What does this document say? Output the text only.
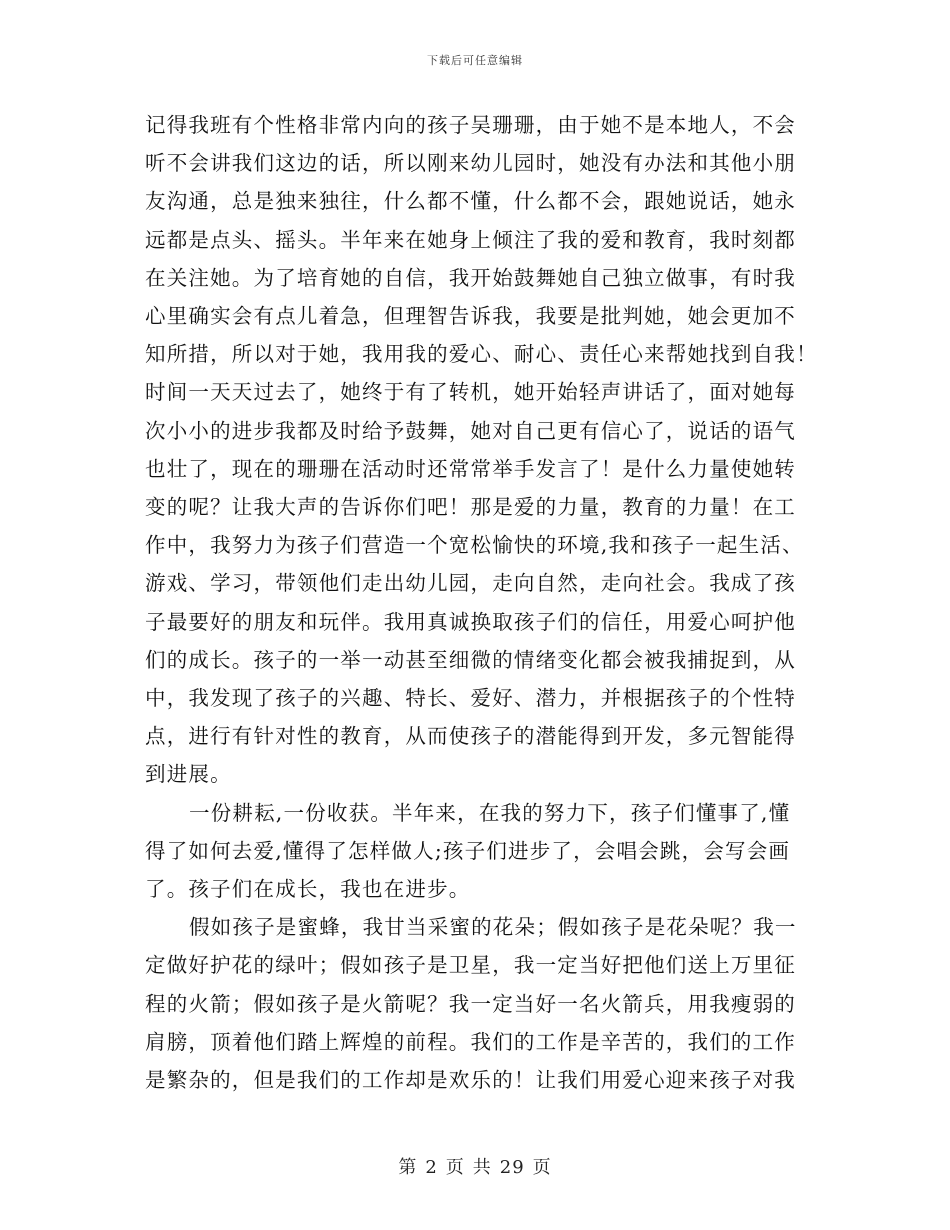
下载后可任意编辑
记得我班有个性格非常内向的孩子吴珊珊，由于她不是本地人，不会
听不会讲我们这边的话，所以刚来幼儿园时，她没有办法和其他小朋
友沟通，总是独来独往，什么都不懂，什么都不会，跟她说话，她永
远都是点头、摇头。半年来在她身上倾注了我的爱和教育，我时刻都
在关注她。为了培育她的自信，我开始鼓舞她自己独立做事，有时我
心里确实会有点儿着急，但理智告诉我，我要是批判她，她会更加不
知所措，所以对于她，我用我的爱心、耐心、责任心来帮她找到自我！
时间一天天过去了，她终于有了转机，她开始轻声讲话了，面对她每
次小小的进步我都及时给予鼓舞，她对自己更有信心了，说话的语气
也壮了，现在的珊珊在活动时还常常举手发言了！是什么力量使她转
变的呢？让我大声的告诉你们吧！那是爱的力量，教育的力量！在工
作中，我努力为孩子们营造一个宽松愉快的环境,我和孩子一起生活、
游戏、学习，带领他们走出幼儿园，走向自然，走向社会。我成了孩
子最要好的朋友和玩伴。我用真诚换取孩子们的信任，用爱心呵护他
们的成长。孩子的一举一动甚至细微的情绪变化都会被我捕捉到，从
中，我发现了孩子的兴趣、特长、爱好、潜力，并根据孩子的个性特
点，进行有针对性的教育，从而使孩子的潜能得到开发，多元智能得
到进展。
一份耕耘,一份收获。半年来，在我的努力下，孩子们懂事了,懂
得了如何去爱,懂得了怎样做人;孩子们进步了，会唱会跳，会写会画
了。孩子们在成长，我也在进步。
假如孩子是蜜蜂，我甘当采蜜的花朵；假如孩子是花朵呢？我一
定做好护花的绿叶；假如孩子是卫星，我一定当好把他们送上万里征
程的火箭；假如孩子是火箭呢？我一定当好一名火箭兵，用我瘦弱的
肩膀，顶着他们踏上辉煌的前程。我们的工作是辛苦的，我们的工作
是繁杂的，但是我们的工作却是欢乐的！让我们用爱心迎来孩子对我
第 2 页 共 29 页
